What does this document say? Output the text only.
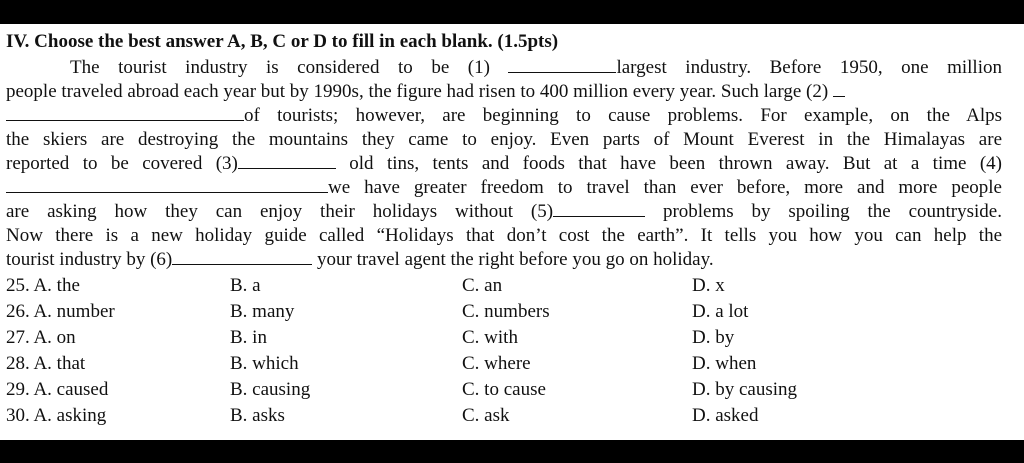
IV. Choose the best answer A, B, C or D to fill in each blank. (1.5pts)
The tourist industry is considered to be (1)	largest industry. Before 1950, one million
people traveled abroad each year but by 1990s, the figure had risen to 400 million every year. Such large (2)
of tourists; however, are beginning to cause problems. For example, on the Alps
the skiers are destroying the mountains they came to enjoy. Even parts of Mount Everest in the Himalayas are
reported to be covered (3)	old tins, tents and foods that have been thrown away. But at a time (4)
we have greater freedom to travel than ever before, more and more people
are asking how they can enjoy their holidays without (5)	problems by spoiling the countryside.
Now there is a new holiday guide called “Holidays that don’t cost the earth”. It tells you how you can help the
tourist industry by (6)	your travel agent the right before you go on holiday.
25. A. the	B. a	C. an	D. x
26. A. number	B. many	C. numbers	D. a lot
27. A. on	B. in	C. with	D. by
28. A. that	B. which	C. where	D. when
29. A. caused	B. causing	C. to cause	D. by causing
30. A. asking	B. asks	C. ask	D. asked
